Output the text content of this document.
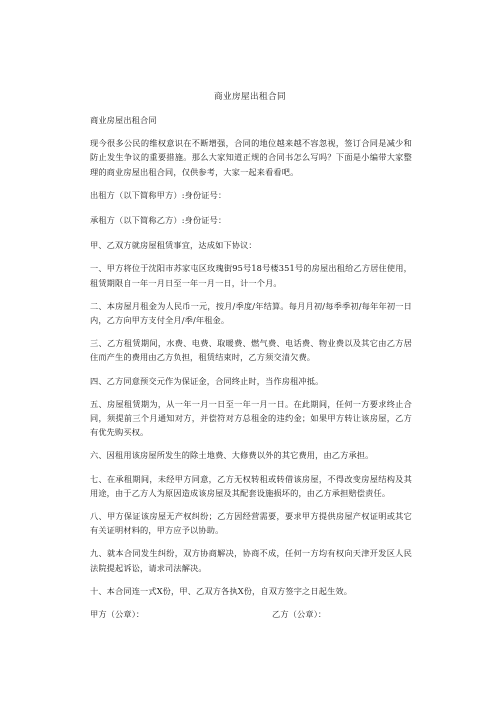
商业房屋出租合同

商业房屋出租合同

现今很多公民的维权意识在不断增强，合同的地位越来越不容忽视，签订合同是减少和防止发生争议的重要措施。那么大家知道正规的合同书怎么写吗？下面是小编带大家整理的商业房屋出租合同，仅供参考，大家一起来看看吧。

出租方（以下简称甲方）:身份证号：

承租方（以下简称乙方）:身份证号：

甲、乙双方就房屋租赁事宜，达成如下协议：

一、甲方将位于沈阳市苏家屯区玫瑰街95号18号楼351号的房屋出租给乙方居住使用，租赁期限自一年一月日至一年一月一日，计一个月。

二、本房屋月租金为人民币一元，按月/季度/年结算。每月月初/每季季初/每年年初一日内，乙方向甲方支付全月/季/年租金。

三、乙方租赁期间，水费、电费、取暖费、燃气费、电话费、物业费以及其它由乙方居住而产生的费用由乙方负担，租赁结束时，乙方须交清欠费。

四、乙方同意预交元作为保证金，合同终止时，当作房租冲抵。

五、房屋租赁期为，从一年一月一日至一年一月一日。在此期间，任何一方要求终止合同，须提前三个月通知对方，并偿符对方总租金的违约金；如果甲方转让该房屋，乙方有优先购买权。

六、因租用该房屋所发生的除土地费、大修费以外的其它费用，由乙方承担。

七、在承租期间，未经甲方同意，乙方无权转租或转借该房屋，不得改变房屋结构及其用途，由于乙方人为原因造成该房屋及其配套设施损坏的，由乙方承担赔偿责任。

八、甲方保证该房屋无产权纠纷；乙方因经营需要，要求甲方提供房屋产权证明或其它有关证明材料的，甲方应予以协助。

九、就本合同发生纠纷，双方协商解决，协商不成，任何一方均有权向天津开发区人民法院提起诉讼，请求司法解决。

十、本合同连一式X份，甲、乙双方各执X份，自双方签字之日起生效。

甲方（公章）：	乙方（公章）：
